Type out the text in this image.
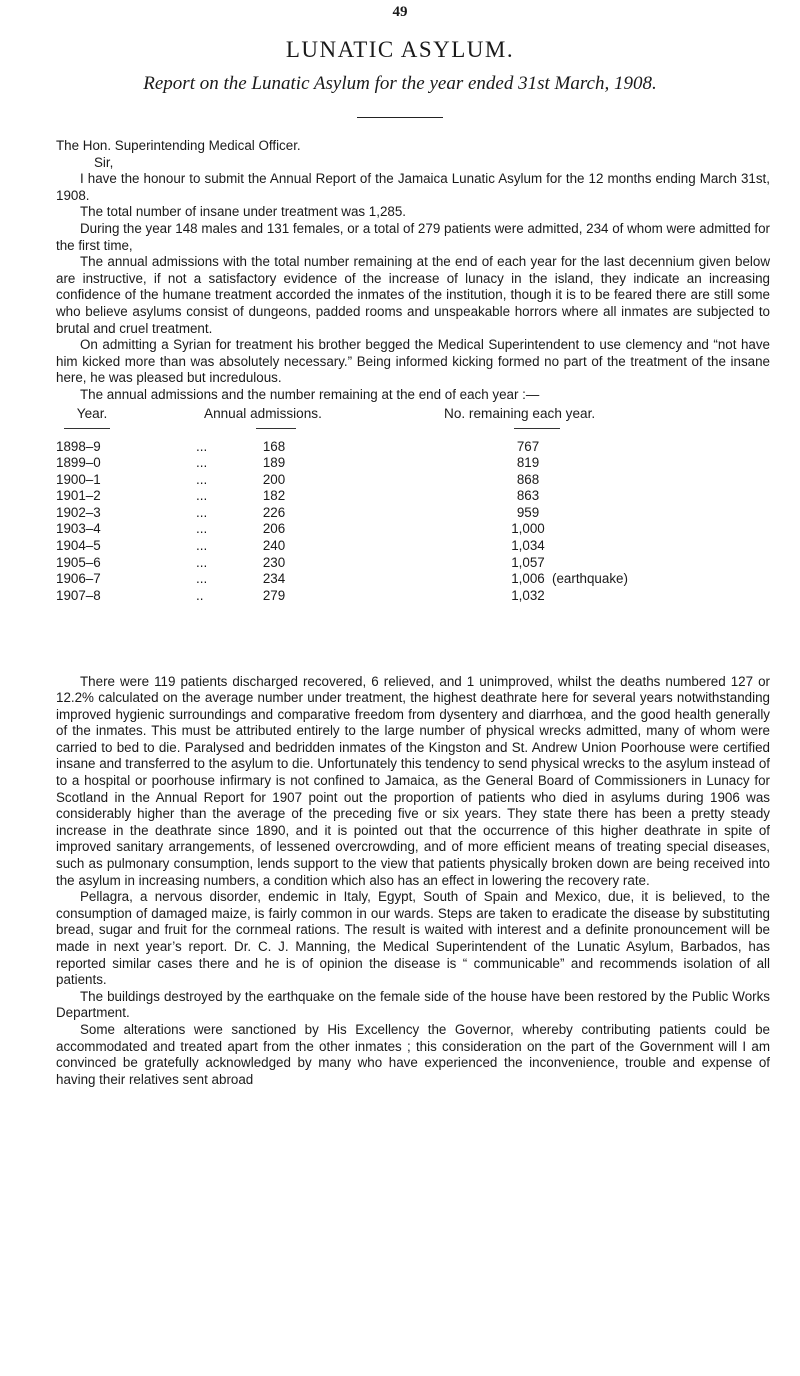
49
LUNATIC ASYLUM.
Report on the Lunatic Asylum for the year ended 31st March, 1908.

The Hon. Superintending Medical Officer.

Sir,

I have the honour to submit the Annual Report of the Jamaica Lunatic Asylum for the 12 months ending March 31st, 1908.

The total number of insane under treatment was 1,285.

During the year 148 males and 131 females, or a total of 279 patients were admitted, 234 of whom were admitted for the first time,

The annual admissions with the total number remaining at the end of each year for the last decennium given below are instructive, if not a satisfactory evidence of the increase of lunacy in the island, they indicate an increasing confidence of the humane treatment accorded the inmates of the institution, though it is to be feared there are still some who believe asylums consist of dungeons, padded rooms and unspeakable horrors where all inmates are subjected to brutal and cruel treatment.

On admitting a Syrian for treatment his brother begged the Medical Superintendent to use clemency and “not have him kicked more than was absolutely necessary.” Being informed kicking formed no part of the treatment of the insane here, he was pleased but incredulous.

The annual admissions and the number remaining at the end of each year :—

Year.	Annual admissions.	No. remaining each year.
1898–9	...	168	767
1899–0	...	189	819
1900–1	...	200	868
1901–2	...	182	863
1902–3	...	226	959
1903–4	...	206	1,000
1904–5	...	240	1,034
1905–6	...	230	1,057
1906–7	...	234	1,006 (earthquake)
1907–8	..	279	1,032

There were 119 patients discharged recovered, 6 relieved, and 1 unimproved, whilst the deaths numbered 127 or 12.2% calculated on the average number under treatment, the highest deathrate here for several years notwithstanding improved hygienic surroundings and comparative freedom from dysentery and diarrhœa, and the good health generally of the inmates. This must be attributed entirely to the large number of physical wrecks admitted, many of whom were carried to bed to die. Paralysed and bedridden inmates of the Kingston and St. Andrew Union Poorhouse were certified insane and transferred to the asylum to die. Unfortunately this tendency to send physical wrecks to the asylum instead of to a hospital or poorhouse infirmary is not confined to Jamaica, as the General Board of Commissioners in Lunacy for Scotland in the Annual Report for 1907 point out the proportion of patients who died in asylums during 1906 was considerably higher than the average of the preceding five or six years. They state there has been a pretty steady increase in the deathrate since 1890, and it is pointed out that the occurrence of this higher deathrate in spite of improved sanitary arrangements, of lessened overcrowding, and of more efficient means of treating special diseases, such as pulmonary consumption, lends support to the view that patients physically broken down are being received into the asylum in increasing numbers, a condition which also has an effect in lowering the recovery rate.

Pellagra, a nervous disorder, endemic in Italy, Egypt, South of Spain and Mexico, due, it is believed, to the consumption of damaged maize, is fairly common in our wards. Steps are taken to eradicate the disease by substituting bread, sugar and fruit for the cornmeal rations. The result is waited with interest and a definite pronouncement will be made in next year’s report. Dr. C. J. Manning, the Medical Superintendent of the Lunatic Asylum, Barbados, has reported similar cases there and he is of opinion the disease is “ communicable” and recommends isolation of all patients.

The buildings destroyed by the earthquake on the female side of the house have been restored by the Public Works Department.

Some alterations were sanctioned by His Excellency the Governor, whereby contributing patients could be accommodated and treated apart from the other inmates ; this consideration on the part of the Government will I am convinced be gratefully acknowledged by many who have experienced the inconvenience, trouble and expense of having their relatives sent abroad
